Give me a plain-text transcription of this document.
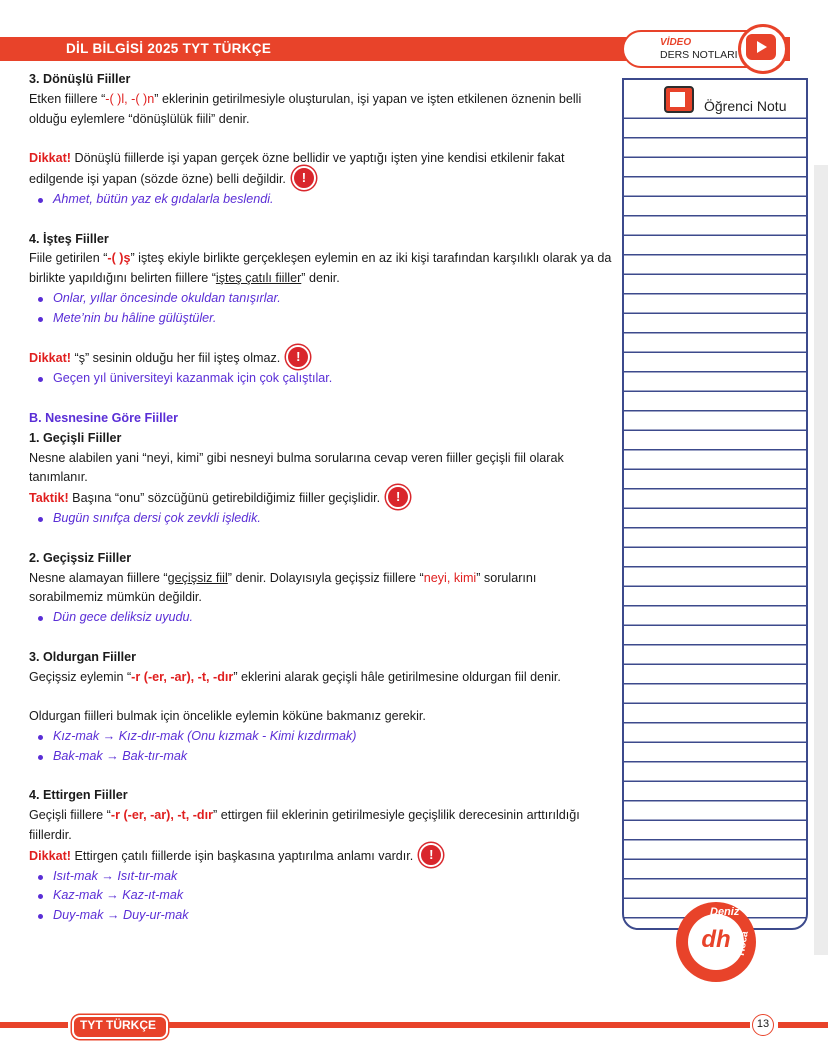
DİL BİLGİSİ 2025 TYT TÜRKÇE	VİDEO
DERS NOTLARI
Öğrenci Notu

3. Dönüşlü Fiiller

Etken fiillere “-( )l, -( )n” eklerinin getirilmesiyle oluşturulan, işi yapan ve işten etkilenen öznenin belli olduğu eylemlere “dönüşlülük fiili” denir.

Dikkat! Dönüşlü fiillerde işi yapan gerçek özne bellidir ve yaptığı işten yine kendisi etkilenir fakat edilgende işi yapan (sözde özne) belli değildir. !

Ahmet, bütün yaz ek gıdalarla beslendi.

4. İşteş Fiiller

Fiile getirilen “-( )ş” işteş ekiyle birlikte gerçekleşen eylemin en az iki kişi tarafından karşılıklı olarak ya da birlikte yapıldığını belirten fiillere “işteş çatılı fiiller” denir.

Onlar, yıllar öncesinde okuldan tanışırlar.
Mete’nin bu hâline gülüştüler.

Dikkat! “ş” sesinin olduğu her fiil işteş olmaz. !

Geçen yıl üniversiteyi kazanmak için çok çalıştılar.

B. Nesnesine Göre Fiiller

1. Geçişli Fiiller

Nesne alabilen yani “neyi, kimi” gibi nesneyi bulma sorularına cevap veren fiiller geçişli fiil olarak tanımlanır.

Taktik! Başına “onu” sözcüğünü getirebildiğimiz fiiller geçişlidir. !

Bugün sınıfça dersi çok zevkli işledik.

2. Geçişsiz Fiiller

Nesne alamayan fiillere “geçişsiz fiil” denir. Dolayısıyla geçişsiz fiillere “neyi, kimi” sorularını sorabilmemiz mümkün değildir.

Dün gece deliksiz uyudu.

3. Oldurgan Fiiller

Geçişsiz eylemin “-r (-er, -ar), -t, -dır” eklerini alarak geçişli hâle getirilmesine oldurgan fiil denir.

Oldurgan fiilleri bulmak için öncelikle eylemin köküne bakmanız gerekir.

Kız-mak → Kız-dır-mak (Onu kızmak - Kimi kızdırmak)
Bak-mak → Bak-tır-mak

4. Ettirgen Fiiller

Geçişli fiillere “-r (-er, -ar), -t, -dır” ettirgen fiil eklerinin getirilmesiyle geçişlilik derecesinin arttırıldığı fiillerdir.

Dikkat! Ettirgen çatılı fiillerde işin başkasına yaptırılma anlamı vardır. !

Isıt-mak → Isıt-tır-mak
Kaz-mak → Kaz-ıt-mak
Duy-mak → Duy-ur-mak
dh
Deniz
Hoca
TYT TÜRKÇE	13
